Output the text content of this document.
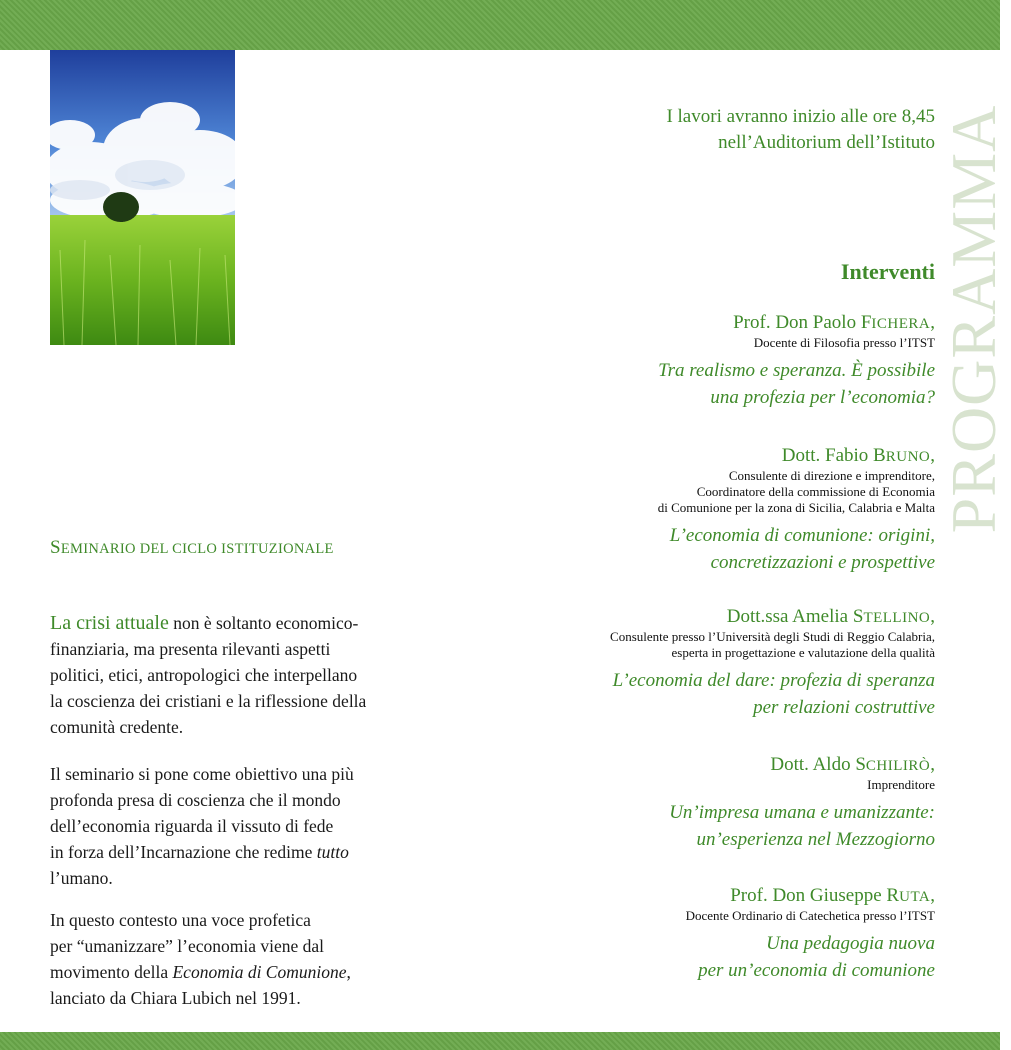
PROGRAMMA
I lavori avranno inizio alle ore 8,45
nell’Auditorium dell’Istituto
Interventi
Prof. Don Paolo FICHERA,
Docente di Filosofia presso l’ITST
Tra realismo e speranza. È possibile
una profezia per l’economia?
Dott. Fabio BRUNO,
Consulente di direzione e imprenditore,
Coordinatore della commissione di Economia
di Comunione per la zona di Sicilia, Calabria e Malta
L’economia di comunione: origini,
concretizzazioni e prospettive
Dott.ssa Amelia STELLINO,
Consulente presso l’Università degli Studi di Reggio Calabria,
esperta in progettazione e valutazione della qualità
L’economia del dare: profezia di speranza
per relazioni costruttive
Dott. Aldo SCHILIRÒ,
Imprenditore
Un’impresa umana e umanizzante:
un’esperienza nel Mezzogiorno
Prof. Don Giuseppe RUTA,
Docente Ordinario di Catechetica presso l’ITST
Una pedagogia nuova
per un’economia di comunione
SEMINARIO DEL CICLO ISTITUZIONALE
La crisi attuale non è soltanto economico-
finanziaria, ma presenta rilevanti aspetti
politici, etici, antropologici che interpellano
la coscienza dei cristiani e la riflessione della
comunità credente.
Il seminario si pone come obiettivo una più
profonda presa di coscienza che il mondo
dell’economia riguarda il vissuto di fede
in forza dell’Incarnazione che redime tutto
l’umano.
In questo contesto una voce profetica
per “umanizzare” l’economia viene dal
movimento della Economia di Comunione,
lanciato da Chiara Lubich nel 1991.
